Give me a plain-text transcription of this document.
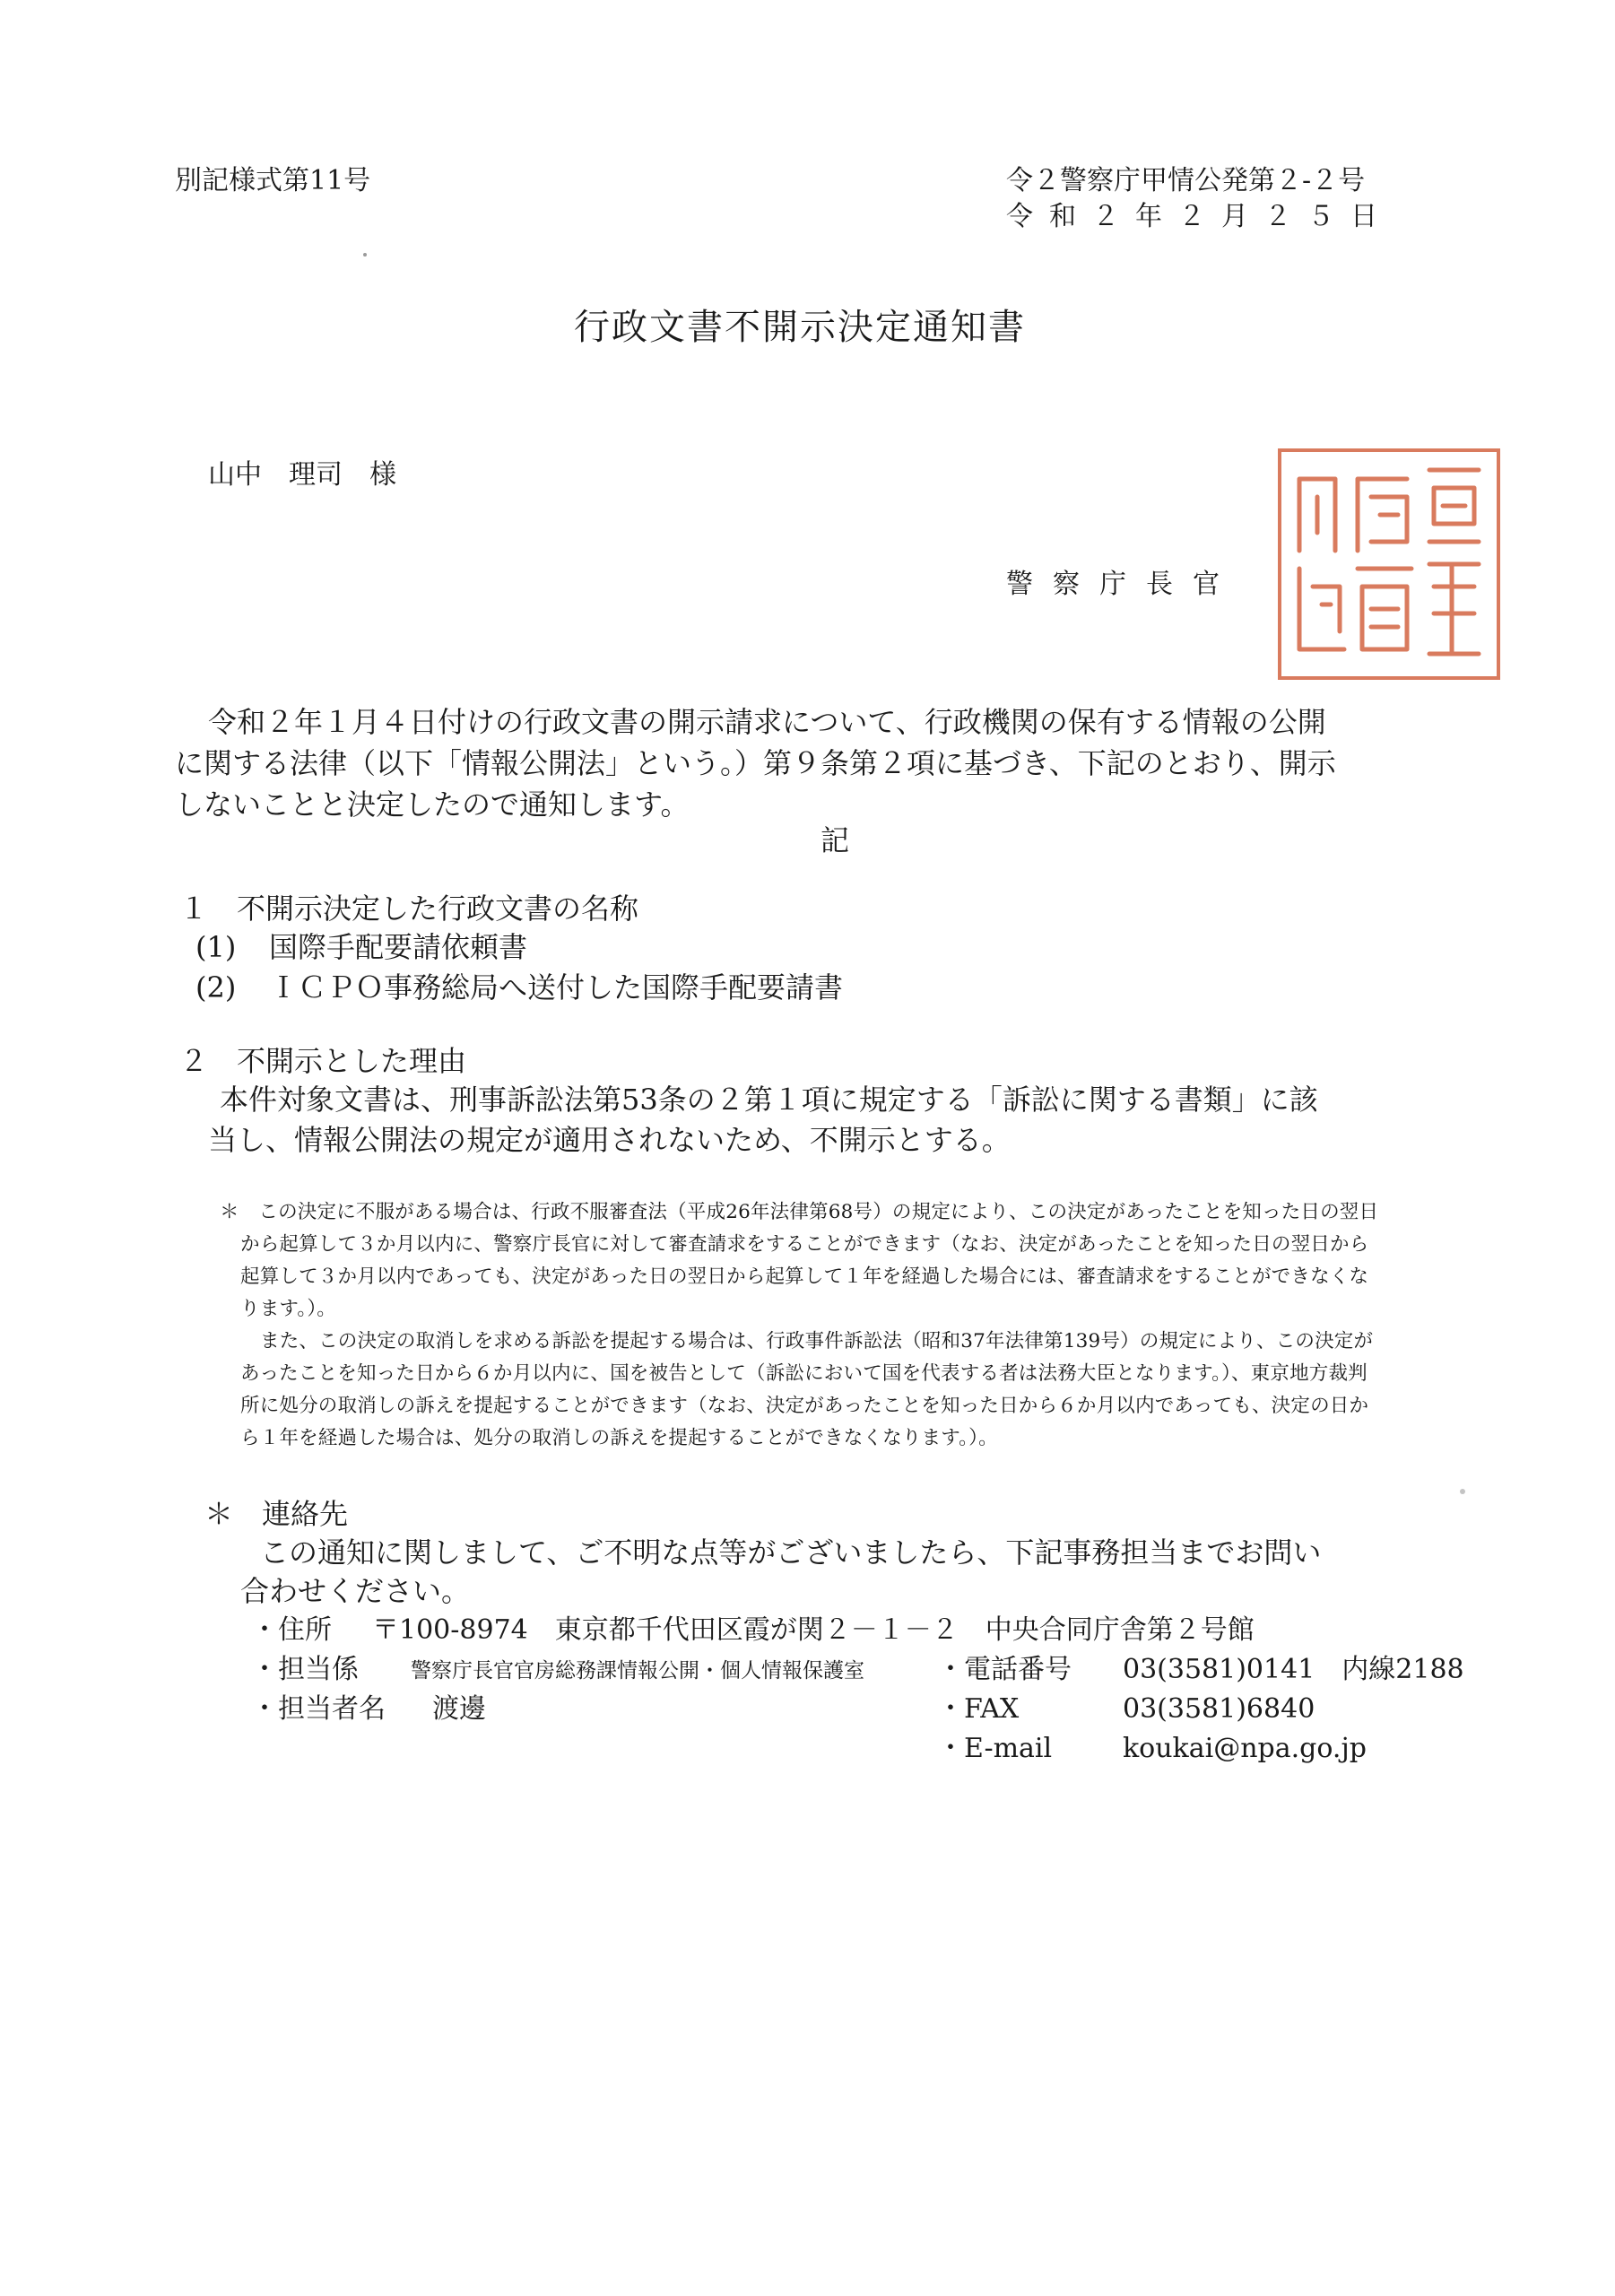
別記様式第11号	令２警察庁甲情公発第２-２号
令和２年２月２５日
行政文書不開示決定通知書
山中　理司　様
警察庁長官
令和２年１月４日付けの行政文書の開示請求について、行政機関の保有する情報の公開
に関する法律（以下「情報公開法」という。）第９条第２項に基づき、下記のとおり、開示
しないことと決定したので通知します。
記
１　不開示決定した行政文書の名称
(1) 国際手配要請依頼書
(2) ＩＣＰＯ事務総局へ送付した国際手配要請書
２　不開示とした理由
本件対象文書は、刑事訴訟法第53条の２第１項に規定する「訴訟に関する書類」に該
当し、情報公開法の規定が適用されないため、不開示とする。
＊　この決定に不服がある場合は、行政不服審査法（平成26年法律第68号）の規定により、この決定があったことを知った日の翌日
から起算して３か月以内に、警察庁長官に対して審査請求をすることができます（なお、決定があったことを知った日の翌日から
起算して３か月以内であっても、決定があった日の翌日から起算して１年を経過した場合には、審査請求をすることができなくな
ります。）。
また、この決定の取消しを求める訴訟を提起する場合は、行政事件訴訟法（昭和37年法律第139号）の規定により、この決定が
あったことを知った日から６か月以内に、国を被告として（訴訟において国を代表する者は法務大臣となります。）、東京地方裁判
所に処分の取消しの訴えを提起することができます（なお、決定があったことを知った日から６か月以内であっても、決定の日か
ら１年を経過した場合は、処分の取消しの訴えを提起することができなくなります。）。
＊　連絡先
この通知に関しまして、ご不明な点等がございましたら、下記事務担当までお問い
合わせください。
・住所 〒100-8974　東京都千代田区霞が関２－１－２　中央合同庁舎第２号館
・担当係	警察庁長官官房総務課情報公開・個人情報保護室	・電話番号 03(3581)0141　内線2188
・担当者名 渡邊	・FAX	03(3581)6840
・E-mail	koukai@npa.go.jp
